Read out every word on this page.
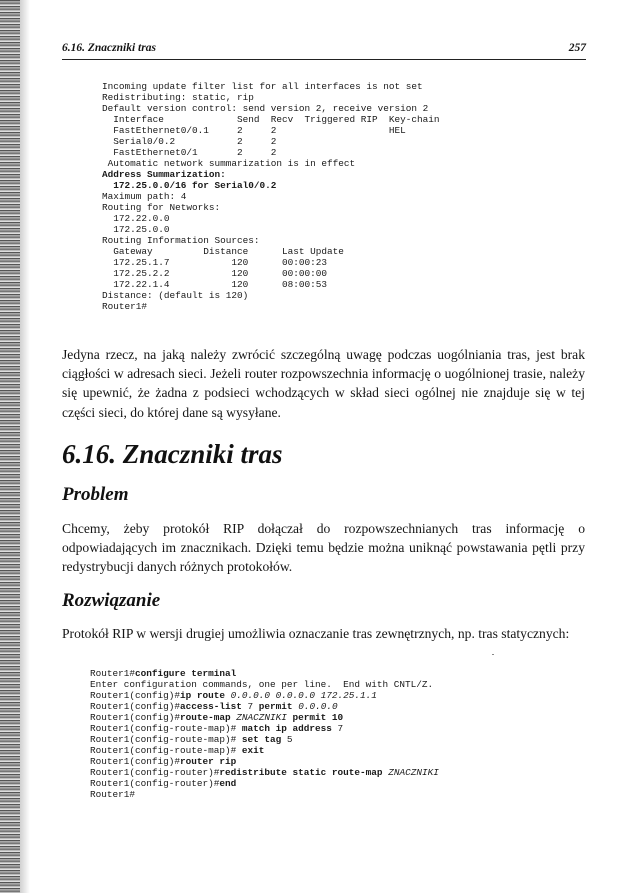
6.16. Znaczniki tras	257
Incoming update filter list for all interfaces is not set
Redistributing: static, rip
Default version control: send version 2, receive version 2
Interface             Send  Recv  Triggered RIP  Key-chain
FastEthernet0/0.1     2     2                    HEL
Serial0/0.2           2     2
FastEthernet0/1       2     2
Automatic network summarization is in effect
Address Summarization:
172.25.0.0/16 for Serial0/0.2
Maximum path: 4
Routing for Networks:
172.22.0.0
172.25.0.0
Routing Information Sources:
Gateway         Distance      Last Update
172.25.1.7           120      00:00:23
172.25.2.2           120      00:00:00
172.22.1.4           120      08:00:53
Distance: (default is 120)
Router1#

Jedyna rzecz, na jaką należy zwrócić szczególną uwagę podczas uogólniania tras, jest brak ciągłości w adresach sieci. Jeżeli router rozpowszechnia informację o uogólnionej trasie, należy się upewnić, że żadna z podsieci wchodzących w skład sieci ogólnej nie znajduje się w tej części sieci, do której dane są wysyłane.

6.16. Znaczniki tras
Problem

Chcemy, żeby protokół RIP dołączał do rozpowszechnianych tras informację o odpowiadających im znacznikach. Dzięki temu będzie można uniknąć powstawania pętli przy redystrybucji danych różnych protokołów.

Rozwiązanie

Protokół RIP w wersji drugiej umożliwia oznaczanie tras zewnętrznych, np. tras statycznych:

Router1#configure terminal
Enter configuration commands, one per line.  End with CNTL/Z.
Router1(config)#ip route 0.0.0.0 0.0.0.0 172.25.1.1
Router1(config)#access-list 7 permit 0.0.0.0
Router1(config)#route-map ZNACZNIKI permit 10
Router1(config-route-map)# match ip address 7
Router1(config-route-map)# set tag 5
Router1(config-route-map)# exit
Router1(config)#router rip
Router1(config-router)#redistribute static route-map ZNACZNIKI
Router1(config-router)#end
Router1#
